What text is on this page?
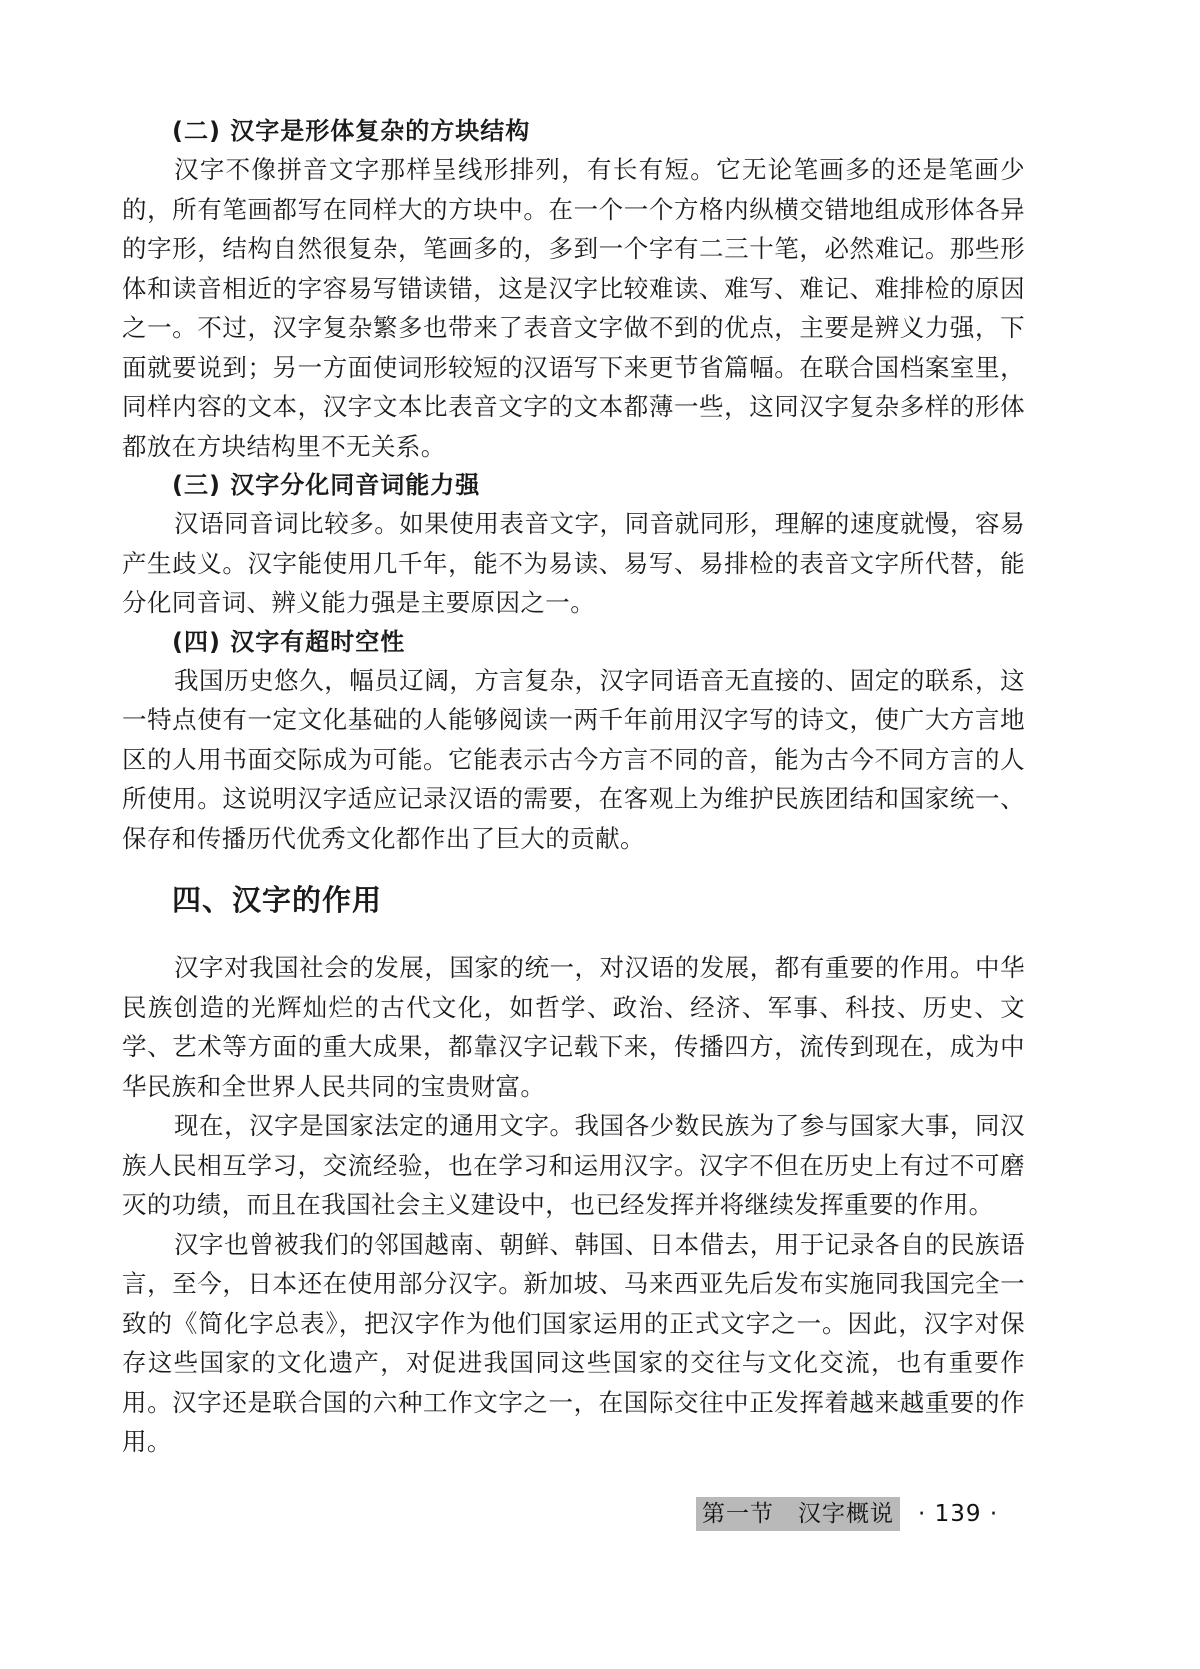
(二) 汉字是形体复杂的方块结构

汉字不像拼音文字那样呈线形排列，有长有短。它无论笔画多的还是笔画少的，所有笔画都写在同样大的方块中。在一个一个方格内纵横交错地组成形体各异的字形，结构自然很复杂，笔画多的，多到一个字有二三十笔，必然难记。那些形体和读音相近的字容易写错读错，这是汉字比较难读、难写、难记、难排检的原因之一。不过，汉字复杂繁多也带来了表音文字做不到的优点，主要是辨义力强，下面就要说到；另一方面使词形较短的汉语写下来更节省篇幅。在联合国档案室里，同样内容的文本，汉字文本比表音文字的文本都薄一些，这同汉字复杂多样的形体都放在方块结构里不无关系。

(三) 汉字分化同音词能力强

汉语同音词比较多。如果使用表音文字，同音就同形，理解的速度就慢，容易产生歧义。汉字能使用几千年，能不为易读、易写、易排检的表音文字所代替，能分化同音词、辨义能力强是主要原因之一。

(四) 汉字有超时空性

我国历史悠久，幅员辽阔，方言复杂，汉字同语音无直接的、固定的联系，这一特点使有一定文化基础的人能够阅读一两千年前用汉字写的诗文，使广大方言地区的人用书面交际成为可能。它能表示古今方言不同的音，能为古今不同方言的人所使用。这说明汉字适应记录汉语的需要，在客观上为维护民族团结和国家统一、保存和传播历代优秀文化都作出了巨大的贡献。

四、汉字的作用

汉字对我国社会的发展，国家的统一，对汉语的发展，都有重要的作用。中华民族创造的光辉灿烂的古代文化，如哲学、政治、经济、军事、科技、历史、文学、艺术等方面的重大成果，都靠汉字记载下来，传播四方，流传到现在，成为中华民族和全世界人民共同的宝贵财富。

现在，汉字是国家法定的通用文字。我国各少数民族为了参与国家大事，同汉族人民相互学习，交流经验，也在学习和运用汉字。汉字不但在历史上有过不可磨灭的功绩，而且在我国社会主义建设中，也已经发挥并将继续发挥重要的作用。

汉字也曾被我们的邻国越南、朝鲜、韩国、日本借去，用于记录各自的民族语言，至今，日本还在使用部分汉字。新加坡、马来西亚先后发布实施同我国完全一致的《简化字总表》，把汉字作为他们国家运用的正式文字之一。因此，汉字对保存这些国家的文化遗产，对促进我国同这些国家的交往与文化交流，也有重要作用。汉字还是联合国的六种工作文字之一，在国际交往中正发挥着越来越重要的作用。

第一节　汉字概说	· 139 ·
